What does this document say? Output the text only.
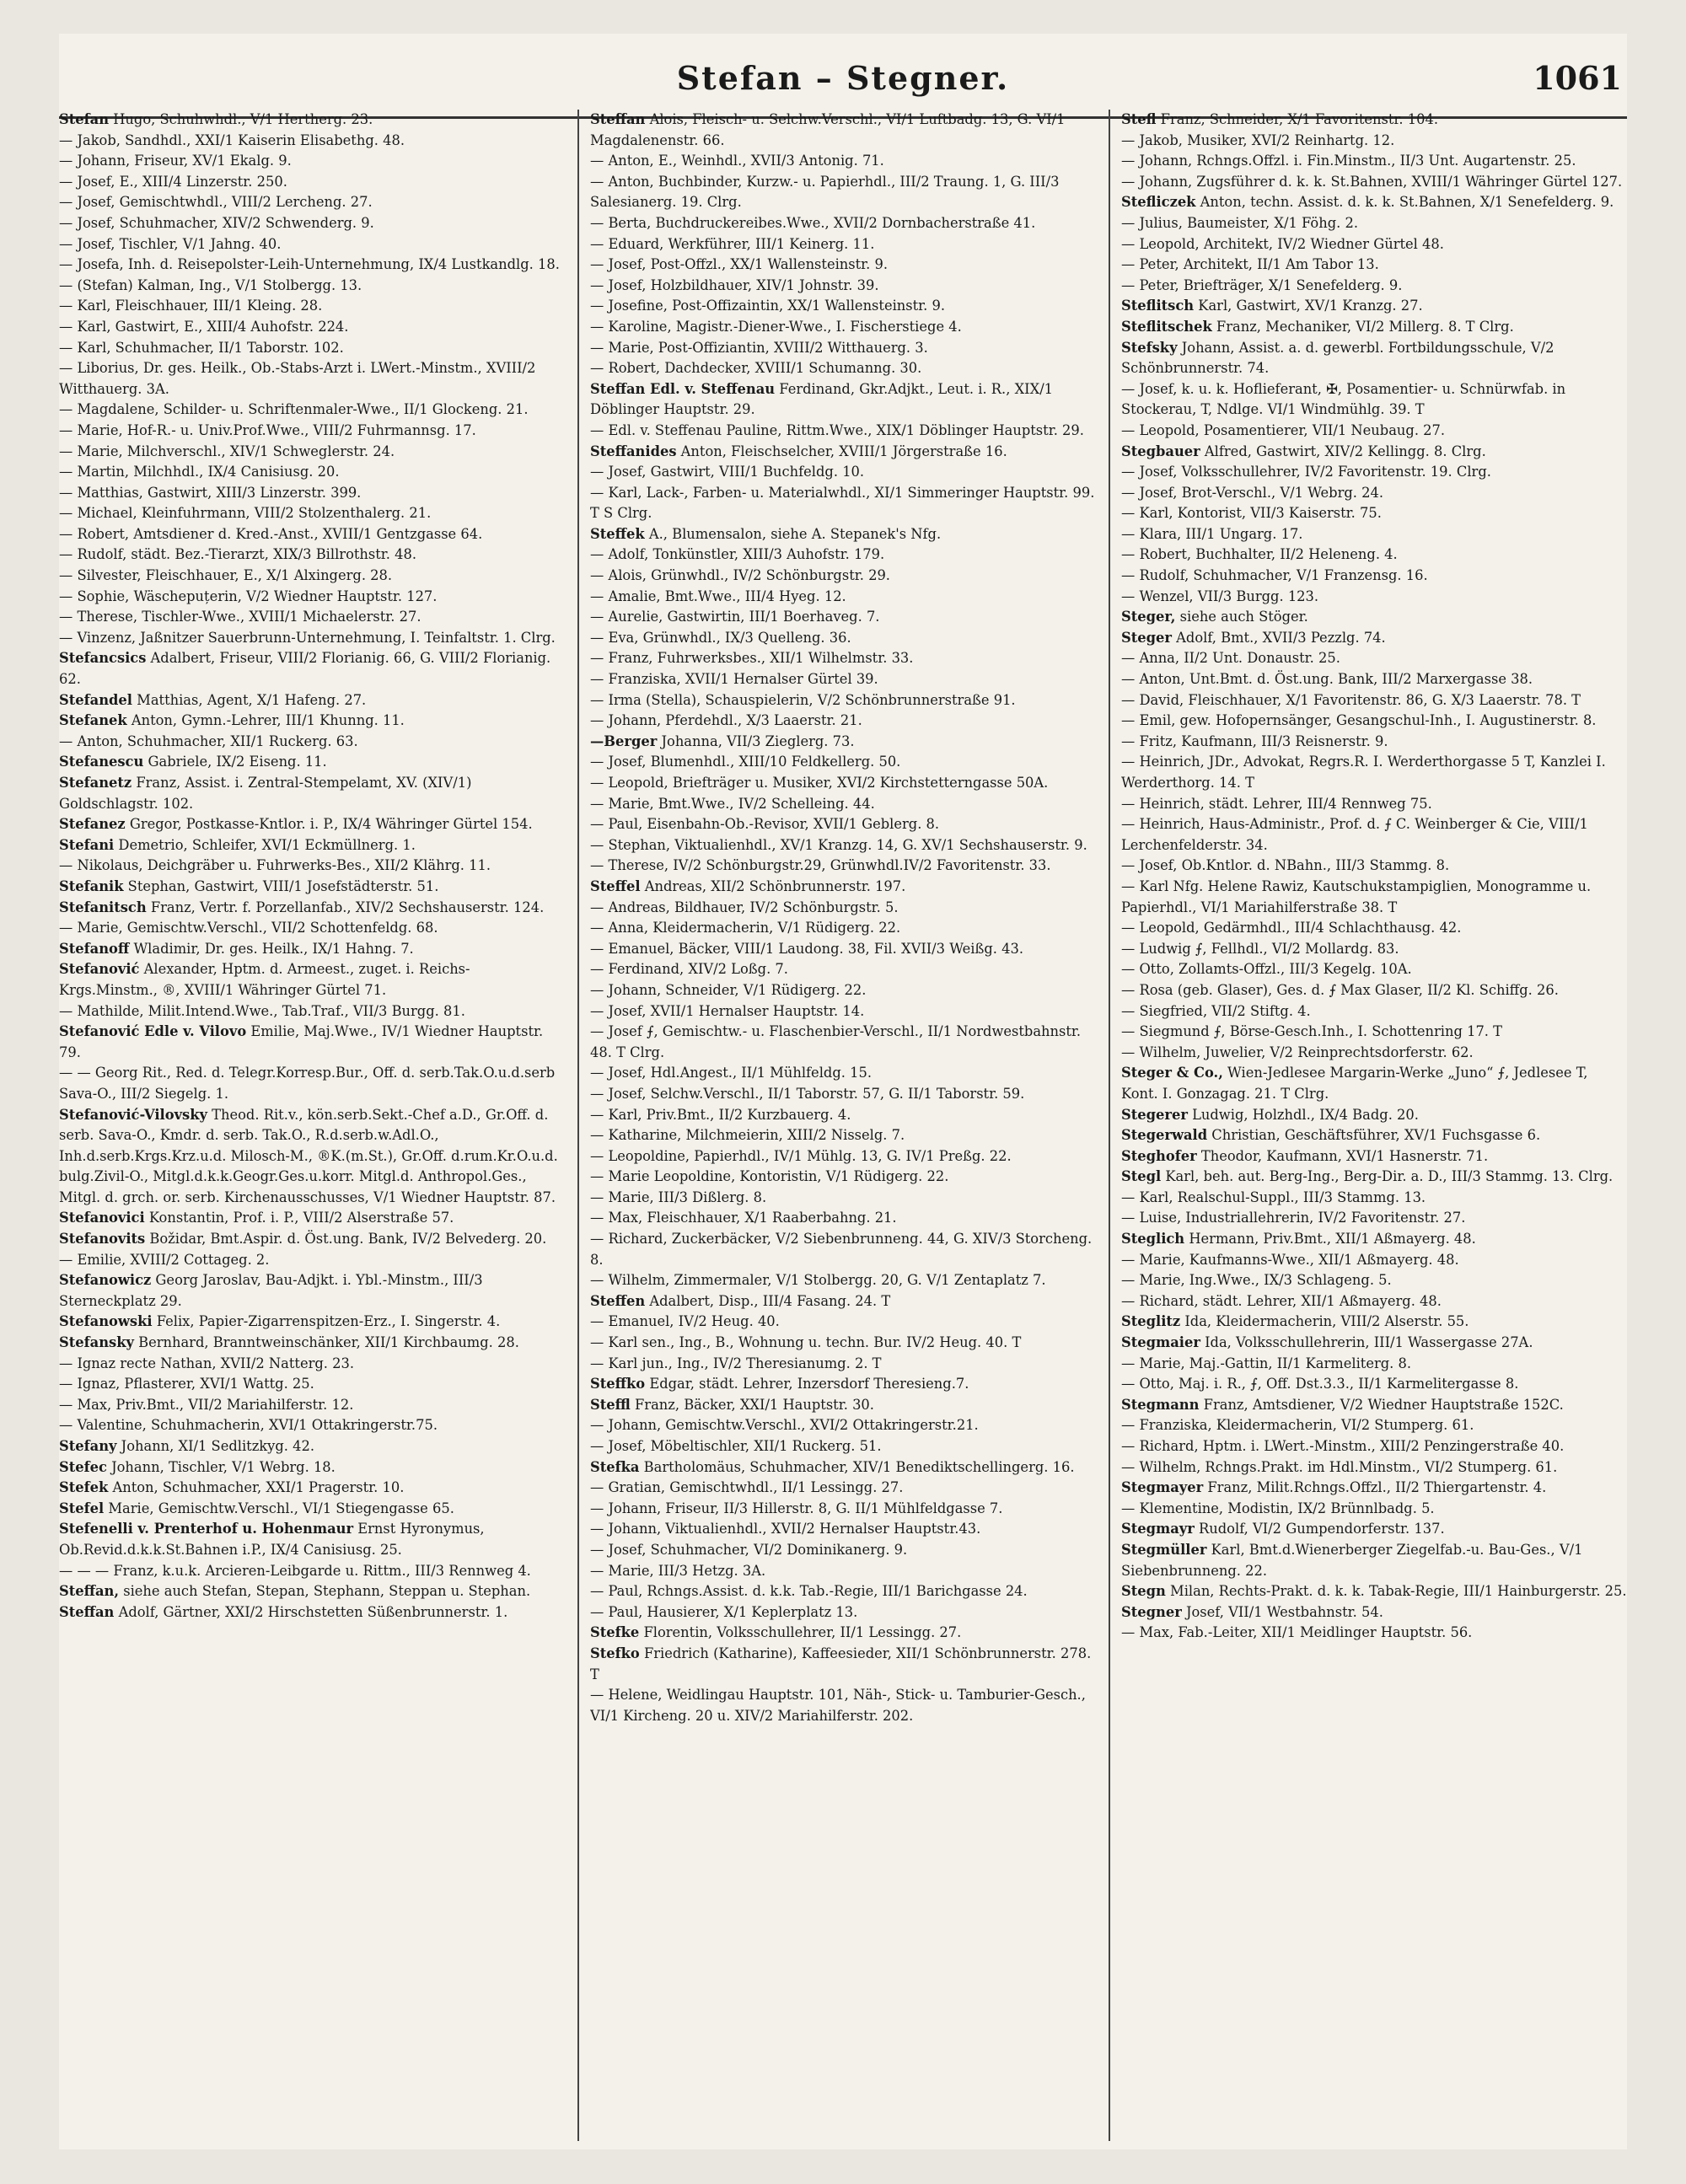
Stefan – Stegner.	1061

Stefan Hugo, Schuhwhdl., V/1 Hertherg. 23.

— Jakob, Sandhdl., XXI/1 Kaiserin Elisabethg. 48.

— Johann, Friseur, XV/1 Ekalg. 9.

— Josef, E., XIII/4 Linzerstr. 250.

— Josef, Gemischtwhdl., VIII/2 Lercheng. 27.

— Josef, Schuhmacher, XIV/2 Schwenderg. 9.

— Josef, Tischler, V/1 Jahng. 40.

— Josefa, Inh. d. Reisepolster-Leih-Unternehmung, IX/4 Lustkandlg. 18.

— (Stefan) Kalman, Ing., V/1 Stolbergg. 13.

— Karl, Fleischhauer, III/1 Kleing. 28.

— Karl, Gastwirt, E., XIII/4 Auhofstr. 224.

— Karl, Schuhmacher, II/1 Taborstr. 102.

— Liborius, Dr. ges. Heilk., Ob.-Stabs-Arzt i. LWert.-Minstm., XVIII/2 Witthauerg. 3A.

— Magdalene, Schilder- u. Schriftenmaler-Wwe., II/1 Glockeng. 21.

— Marie, Hof-R.- u. Univ.Prof.Wwe., VIII/2 Fuhrmannsg. 17.

— Marie, Milchverschl., XIV/1 Schweglerstr. 24.

— Martin, Milchhdl., IX/4 Canisiusg. 20.

— Matthias, Gastwirt, XIII/3 Linzerstr. 399.

— Michael, Kleinfuhrmann, VIII/2 Stolzenthalerg. 21.

— Robert, Amtsdiener d. Kred.-Anst., XVIII/1 Gentzgasse 64.

— Rudolf, städt. Bez.-Tierarzt, XIX/3 Billrothstr. 48.

— Silvester, Fleischhauer, E., X/1 Alxingerg. 28.

— Sophie, Wäschepuțerin, V/2 Wiedner Hauptstr. 127.

— Therese, Tischler-Wwe., XVIII/1 Michaelerstr. 27.

— Vinzenz, Jaßnitzer Sauerbrunn-Unternehmung, I. Teinfaltstr. 1. Clrg.

Stefancsics Adalbert, Friseur, VIII/2 Florianig. 66, G. VIII/2 Florianig. 62.

Stefandel Matthias, Agent, X/1 Hafeng. 27.

Stefanek Anton, Gymn.-Lehrer, III/1 Khunng. 11.

— Anton, Schuhmacher, XII/1 Ruckerg. 63.

Stefanescu Gabriele, IX/2 Eiseng. 11.

Stefanetz Franz, Assist. i. Zentral-Stempelamt, XV. (XIV/1) Goldschlagstr. 102.

Stefanez Gregor, Postkasse-Kntlor. i. P., IX/4 Währinger Gürtel 154.

Stefani Demetrio, Schleifer, XVI/1 Eckmüllnerg. 1.

— Nikolaus, Deichgräber u. Fuhrwerks-Bes., XII/2 Klährg. 11.

Stefanik Stephan, Gastwirt, VIII/1 Josefstädterstr. 51.

Stefanitsch Franz, Vertr. f. Porzellanfab., XIV/2 Sechshauserstr. 124.

— Marie, Gemischtw.Verschl., VII/2 Schottenfeldg. 68.

Stefanoff Wladimir, Dr. ges. Heilk., IX/1 Hahng. 7.

Stefanović Alexander, Hptm. d. Armeest., zuget. i. Reichs-Krgs.Minstm., ®, XVIII/1 Währinger Gürtel 71.

— Mathilde, Milit.Intend.Wwe., Tab.Traf., VII/3 Burgg. 81.

Stefanović Edle v. Vilovo Emilie, Maj.Wwe., IV/1 Wiedner Hauptstr. 79.

— — Georg Rit., Red. d. Telegr.Korresp.Bur., Off. d. serb.Tak.O.u.d.serb Sava-O., III/2 Siegelg. 1.

Stefanović-Vilovsky Theod. Rit.v., kön.serb.Sekt.-Chef a.D., Gr.Off. d. serb. Sava-O., Kmdr. d. serb. Tak.O., R.d.serb.w.Adl.O., Inh.d.serb.Krgs.Krz.u.d. Milosch-M., ®K.(m.St.), Gr.Off. d.rum.Kr.O.u.d. bulg.Zivil-O., Mitgl.d.k.k.Geogr.Ges.u.korr. Mitgl.d. Anthropol.Ges., Mitgl. d. grch. or. serb. Kirchenausschusses, V/1 Wiedner Hauptstr. 87.

Stefanovici Konstantin, Prof. i. P., VIII/2 Alserstraße 57.

Stefanovits Božidar, Bmt.Aspir. d. Öst.ung. Bank, IV/2 Belvederg. 20.

— Emilie, XVIII/2 Cottageg. 2.

Stefanowicz Georg Jaroslav, Bau-Adjkt. i. Ybl.-Minstm., III/3 Sterneckplatz 29.

Stefanowski Felix, Papier-Zigarrenspitzen-Erz., I. Singerstr. 4.

Stefansky Bernhard, Branntweinschänker, XII/1 Kirchbaumg. 28.

— Ignaz recte Nathan, XVII/2 Natterg. 23.

— Ignaz, Pflasterer, XVI/1 Wattg. 25.

— Max, Priv.Bmt., VII/2 Mariahilferstr. 12.

— Valentine, Schuhmacherin, XVI/1 Ottakringerstr.75.

Stefany Johann, XI/1 Sedlitzkyg. 42.

Stefec Johann, Tischler, V/1 Webrg. 18.

Stefek Anton, Schuhmacher, XXI/1 Pragerstr. 10.

Stefel Marie, Gemischtw.Verschl., VI/1 Stiegengasse 65.

Stefenelli v. Prenterhof u. Hohenmaur Ernst Hyronymus, Ob.Revid.d.k.k.St.Bahnen i.P., IX/4 Canisiusg. 25.

— — — Franz, k.u.k. Arcieren-Leibgarde u. Rittm., III/3 Rennweg 4.

Steffan, siehe auch Stefan, Stepan, Stephann, Steppan u. Stephan.

Steffan Adolf, Gärtner, XXI/2 Hirschstetten Süßenbrunnerstr. 1.

Steffan Alois, Fleisch- u. Selchw.Verschl., VI/1 Luftbadg. 13, G. VI/1 Magdalenenstr. 66.

— Anton, E., Weinhdl., XVII/3 Antonig. 71.

— Anton, Buchbinder, Kurzw.- u. Papierhdl., III/2 Traung. 1, G. III/3 Salesianerg. 19. Clrg.

— Berta, Buchdruckereibes.Wwe., XVII/2 Dornbacherstraße 41.

— Eduard, Werkführer, III/1 Keinerg. 11.

— Josef, Post-Offzl., XX/1 Wallensteinstr. 9.

— Josef, Holzbildhauer, XIV/1 Johnstr. 39.

— Josefine, Post-Offizaintin, XX/1 Wallensteinstr. 9.

— Karoline, Magistr.-Diener-Wwe., I. Fischerstiege 4.

— Marie, Post-Offiziantin, XVIII/2 Witthauerg. 3.

— Robert, Dachdecker, XVIII/1 Schumanng. 30.

Steffan Edl. v. Steffenau Ferdinand, Gkr.Adjkt., Leut. i. R., XIX/1 Döblinger Hauptstr. 29.

— Edl. v. Steffenau Pauline, Rittm.Wwe., XIX/1 Döblinger Hauptstr. 29.

Steffanides Anton, Fleischselcher, XVIII/1 Jörgerstraße 16.

— Josef, Gastwirt, VIII/1 Buchfeldg. 10.

— Karl, Lack-, Farben- u. Materialwhdl., XI/1 Simmeringer Hauptstr. 99. T S Clrg.

Steffek A., Blumensalon, siehe A. Stepanek's Nfg.

— Adolf, Tonkünstler, XIII/3 Auhofstr. 179.

— Alois, Grünwhdl., IV/2 Schönburgstr. 29.

— Amalie, Bmt.Wwe., III/4 Hyeg. 12.

— Aurelie, Gastwirtin, III/1 Boerhaveg. 7.

— Eva, Grünwhdl., IX/3 Quelleng. 36.

— Franz, Fuhrwerksbes., XII/1 Wilhelmstr. 33.

— Franziska, XVII/1 Hernalser Gürtel 39.

— Irma (Stella), Schauspielerin, V/2 Schönbrunnerstraße 91.

— Johann, Pferdehdl., X/3 Laaerstr. 21.

—Berger Johanna, VII/3 Zieglerg. 73.

— Josef, Blumenhdl., XIII/10 Feldkellerg. 50.

— Leopold, Briefträger u. Musiker, XVI/2 Kirchstetterngasse 50A.

— Marie, Bmt.Wwe., IV/2 Schelleing. 44.

— Paul, Eisenbahn-Ob.-Revisor, XVII/1 Geblerg. 8.

— Stephan, Viktualienhdl., XV/1 Kranzg. 14, G. XV/1 Sechshauserstr. 9.

— Therese, IV/2 Schönburgstr.29, Grünwhdl.IV/2 Favoritenstr. 33.

Steffel Andreas, XII/2 Schönbrunnerstr. 197.

— Andreas, Bildhauer, IV/2 Schönburgstr. 5.

— Anna, Kleidermacherin, V/1 Rüdigerg. 22.

— Emanuel, Bäcker, VIII/1 Laudong. 38, Fil. XVII/3 Weißg. 43.

— Ferdinand, XIV/2 Loßg. 7.

— Johann, Schneider, V/1 Rüdigerg. 22.

— Josef, XVII/1 Hernalser Hauptstr. 14.

— Josef ⨍, Gemischtw.- u. Flaschenbier-Verschl., II/1 Nordwestbahnstr. 48. T Clrg.

— Josef, Hdl.Angest., II/1 Mühlfeldg. 15.

— Josef, Selchw.Verschl., II/1 Taborstr. 57, G. II/1 Taborstr. 59.

— Karl, Priv.Bmt., II/2 Kurzbauerg. 4.

— Katharine, Milchmeierin, XIII/2 Nisselg. 7.

— Leopoldine, Papierhdl., IV/1 Mühlg. 13, G. IV/1 Preßg. 22.

— Marie Leopoldine, Kontoristin, V/1 Rüdigerg. 22.

— Marie, III/3 Dißlerg. 8.

— Max, Fleischhauer, X/1 Raaberbahng. 21.

— Richard, Zuckerbäcker, V/2 Siebenbrunneng. 44, G. XIV/3 Storcheng. 8.

— Wilhelm, Zimmermaler, V/1 Stolbergg. 20, G. V/1 Zentaplatz 7.

Steffen Adalbert, Disp., III/4 Fasang. 24. T

— Emanuel, IV/2 Heug. 40.

— Karl sen., Ing., B., Wohnung u. techn. Bur. IV/2 Heug. 40. T

— Karl jun., Ing., IV/2 Theresianumg. 2. T

Steffko Edgar, städt. Lehrer, Inzersdorf Theresieng.7.

Steffl Franz, Bäcker, XXI/1 Hauptstr. 30.

— Johann, Gemischtw.Verschl., XVI/2 Ottakringerstr.21.

— Josef, Möbeltischler, XII/1 Ruckerg. 51.

Stefka Bartholomäus, Schuhmacher, XIV/1 Benediktschellingerg. 16.

— Gratian, Gemischtwhdl., II/1 Lessingg. 27.

— Johann, Friseur, II/3 Hillerstr. 8, G. II/1 Mühlfeldgasse 7.

— Johann, Viktualienhdl., XVII/2 Hernalser Hauptstr.43.

— Josef, Schuhmacher, VI/2 Dominikanerg. 9.

— Marie, III/3 Hetzg. 3A.

— Paul, Rchngs.Assist. d. k.k. Tab.-Regie, III/1 Barichgasse 24.

— Paul, Hausierer, X/1 Keplerplatz 13.

Stefke Florentin, Volksschullehrer, II/1 Lessingg. 27.

Stefko Friedrich (Katharine), Kaffeesieder, XII/1 Schönbrunnerstr. 278. T

— Helene, Weidlingau Hauptstr. 101, Näh-, Stick- u. Tamburier-Gesch., VI/1 Kircheng. 20 u. XIV/2 Mariahilferstr. 202.

Stefl Franz, Schneider, X/1 Favoritenstr. 104.

— Jakob, Musiker, XVI/2 Reinhartg. 12.

— Johann, Rchngs.Offzl. i. Fin.Minstm., II/3 Unt. Augartenstr. 25.

— Johann, Zugsführer d. k. k. St.Bahnen, XVIII/1 Währinger Gürtel 127.

Stefliczek Anton, techn. Assist. d. k. k. St.Bahnen, X/1 Senefelderg. 9.

— Julius, Baumeister, X/1 Föhg. 2.

— Leopold, Architekt, IV/2 Wiedner Gürtel 48.

— Peter, Architekt, II/1 Am Tabor 13.

— Peter, Briefträger, X/1 Senefelderg. 9.

Steflitsch Karl, Gastwirt, XV/1 Kranzg. 27.

Steflitschek Franz, Mechaniker, VI/2 Millerg. 8. T Clrg.

Stefsky Johann, Assist. a. d. gewerbl. Fortbildungsschule, V/2 Schönbrunnerstr. 74.

— Josef, k. u. k. Hoflieferant, ✠, Posamentier- u. Schnürwfab. in Stockerau, T, Ndlge. VI/1 Windmühlg. 39. T

— Leopold, Posamentierer, VII/1 Neubaug. 27.

Stegbauer Alfred, Gastwirt, XIV/2 Kellingg. 8. Clrg.

— Josef, Volksschullehrer, IV/2 Favoritenstr. 19. Clrg.

— Josef, Brot-Verschl., V/1 Webrg. 24.

— Karl, Kontorist, VII/3 Kaiserstr. 75.

— Klara, III/1 Ungarg. 17.

— Robert, Buchhalter, II/2 Heleneng. 4.

— Rudolf, Schuhmacher, V/1 Franzensg. 16.

— Wenzel, VII/3 Burgg. 123.

Steger, siehe auch Stöger.

Steger Adolf, Bmt., XVII/3 Pezzlg. 74.

— Anna, II/2 Unt. Donaustr. 25.

— Anton, Unt.Bmt. d. Öst.ung. Bank, III/2 Marxergasse 38.

— David, Fleischhauer, X/1 Favoritenstr. 86, G. X/3 Laaerstr. 78. T

— Emil, gew. Hofopernsänger, Gesangschul-Inh., I. Augustinerstr. 8.

— Fritz, Kaufmann, III/3 Reisnerstr. 9.

— Heinrich, JDr., Advokat, Regrs.R. I. Werderthorgasse 5 T, Kanzlei I. Werderthorg. 14. T

— Heinrich, städt. Lehrer, III/4 Rennweg 75.

— Heinrich, Haus-Administr., Prof. d. ⨍ C. Weinberger & Cie, VIII/1 Lerchenfelderstr. 34.

— Josef, Ob.Kntlor. d. NBahn., III/3 Stammg. 8.

— Karl Nfg. Helene Rawiz, Kautschukstampiglien, Monogramme u. Papierhdl., VI/1 Mariahilferstraße 38. T

— Leopold, Gedärmhdl., III/4 Schlachthausg. 42.

— Ludwig ⨍, Fellhdl., VI/2 Mollardg. 83.

— Otto, Zollamts-Offzl., III/3 Kegelg. 10A.

— Rosa (geb. Glaser), Ges. d. ⨍ Max Glaser, II/2 Kl. Schiffg. 26.

— Siegfried, VII/2 Stiftg. 4.

— Siegmund ⨍, Börse-Gesch.Inh., I. Schottenring 17. T

— Wilhelm, Juwelier, V/2 Reinprechtsdorferstr. 62.

Steger & Co., Wien-Jedlesee Margarin-Werke „Juno“ ⨍, Jedlesee T, Kont. I. Gonzagag. 21. T Clrg.

Stegerer Ludwig, Holzhdl., IX/4 Badg. 20.

Stegerwald Christian, Geschäftsführer, XV/1 Fuchsgasse 6.

Steghofer Theodor, Kaufmann, XVI/1 Hasnerstr. 71.

Stegl Karl, beh. aut. Berg-Ing., Berg-Dir. a. D., III/3 Stammg. 13. Clrg.

— Karl, Realschul-Suppl., III/3 Stammg. 13.

— Luise, Industriallehrerin, IV/2 Favoritenstr. 27.

Steglich Hermann, Priv.Bmt., XII/1 Aßmayerg. 48.

— Marie, Kaufmanns-Wwe., XII/1 Aßmayerg. 48.

— Marie, Ing.Wwe., IX/3 Schlageng. 5.

— Richard, städt. Lehrer, XII/1 Aßmayerg. 48.

Steglitz Ida, Kleidermacherin, VIII/2 Alserstr. 55.

Stegmaier Ida, Volksschullehrerin, III/1 Wassergasse 27A.

— Marie, Maj.-Gattin, II/1 Karmeliterg. 8.

— Otto, Maj. i. R., ⨍, Off. Dst.3.3., II/1 Karmelitergasse 8.

Stegmann Franz, Amtsdiener, V/2 Wiedner Hauptstraße 152C.

— Franziska, Kleidermacherin, VI/2 Stumperg. 61.

— Richard, Hptm. i. LWert.-Minstm., XIII/2 Penzingerstraße 40.

— Wilhelm, Rchngs.Prakt. im Hdl.Minstm., VI/2 Stumperg. 61.

Stegmayer Franz, Milit.Rchngs.Offzl., II/2 Thiergartenstr. 4.

— Klementine, Modistin, IX/2 Brünnlbadg. 5.

Stegmayr Rudolf, VI/2 Gumpendorferstr. 137.

Stegmüller Karl, Bmt.d.Wienerberger Ziegelfab.-u. Bau-Ges., V/1 Siebenbrunneng. 22.

Stegn Milan, Rechts-Prakt. d. k. k. Tabak-Regie, III/1 Hainburgerstr. 25.

Stegner Josef, VII/1 Westbahnstr. 54.

— Max, Fab.-Leiter, XII/1 Meidlinger Hauptstr. 56.
